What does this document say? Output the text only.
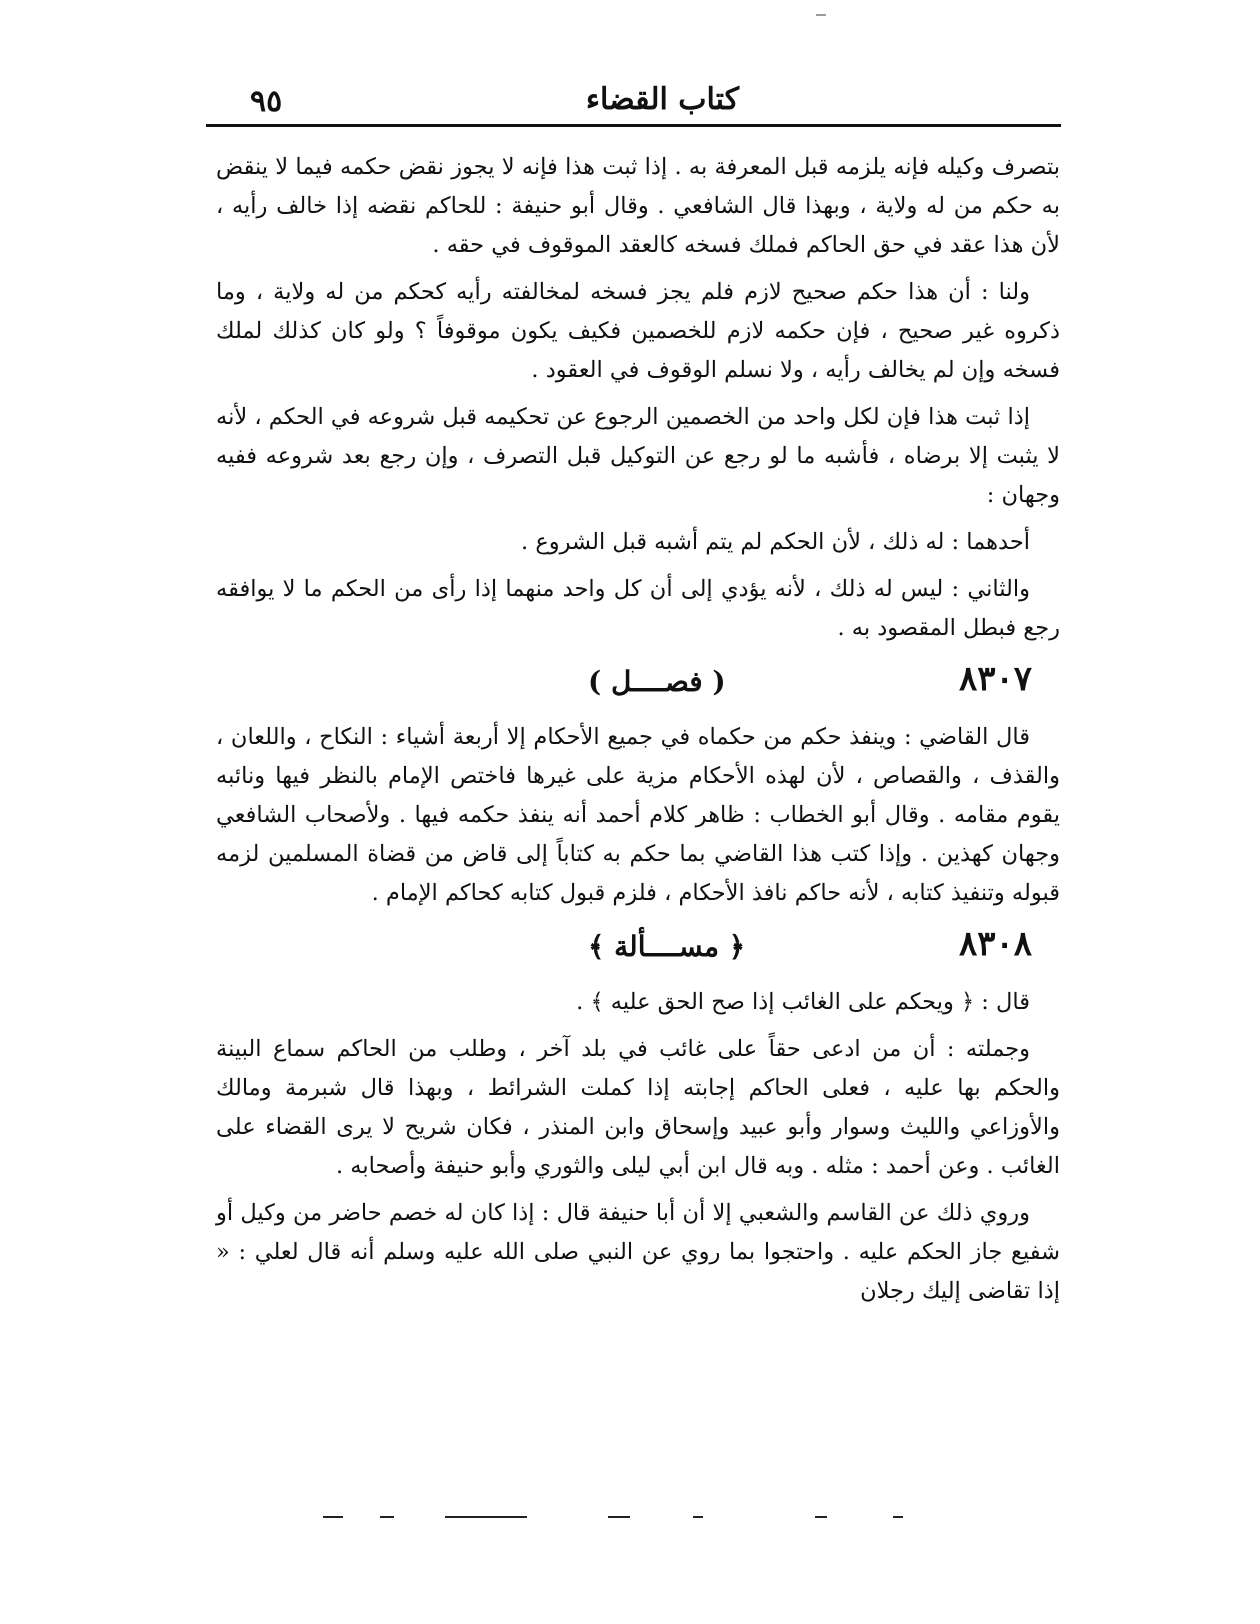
٩٥	كتاب القضاء

بتصرف وكيله فإنه يلزمه قبل المعرفة به . إذا ثبت هذا فإنه لا يجوز نقض حكمه فيما لا ينقض به حكم من له ولاية ، وبهذا قال الشافعي . وقال أبو حنيفة : للحاكم نقضه إذا خالف رأيه ، لأن هذا عقد في حق الحاكم فملك فسخه كالعقد الموقوف في حقه .

ولنا : أن هذا حكم صحيح لازم فلم يجز فسخه لمخالفته رأيه كحكم من له ولاية ، وما ذكروه غير صحيح ، فإن حكمه لازم للخصمين فكيف يكون موقوفاً ؟ ولو كان كذلك لملك فسخه وإن لم يخالف رأيه ، ولا نسلم الوقوف في العقود .

إذا ثبت هذا فإن لكل واحد من الخصمين الرجوع عن تحكيمه قبل شروعه في الحكم ، لأنه لا يثبت إلا برضاه ، فأشبه ما لو رجع عن التوكيل قبل التصرف ، وإن رجع بعد شروعه ففيه وجهان :

أحدهما : له ذلك ، لأن الحكم لم يتم أشبه قبل الشروع .

والثاني : ليس له ذلك ، لأنه يؤدي إلى أن كل واحد منهما إذا رأى من الحكم ما لا يوافقه رجع فبطل المقصود به .

٨٣٠٧
( فصــــل )

قال القاضي : وينفذ حكم من حكماه في جميع الأحكام إلا أربعة أشياء : النكاح ، واللعان ، والقذف ، والقصاص ، لأن لهذه الأحكام مزية على غيرها فاختص الإمام بالنظر فيها ونائبه يقوم مقامه . وقال أبو الخطاب : ظاهر كلام أحمد أنه ينفذ حكمه فيها . ولأصحاب الشافعي وجهان كهذين . وإذا كتب هذا القاضي بما حكم به كتاباً إلى قاض من قضاة المسلمين لزمه قبوله وتنفيذ كتابه ، لأنه حاكم نافذ الأحكام ، فلزم قبول كتابه كحاكم الإمام .

٨٣٠٨
﴿ مســــألة ﴾

قال : ﴿ ويحكم على الغائب إذا صح الحق عليه ﴾ .

وجملته : أن من ادعى حقاً على غائب في بلد آخر ، وطلب من الحاكم سماع البينة والحكم بها عليه ، فعلى الحاكم إجابته إذا كملت الشرائط ، وبهذا قال شبرمة ومالك والأوزاعي والليث وسوار وأبو عبيد وإسحاق وابن المنذر ، فكان شريح لا يرى القضاء على الغائب . وعن أحمد : مثله . وبه قال ابن أبي ليلى والثوري وأبو حنيفة وأصحابه .

وروي ذلك عن القاسم والشعبي إلا أن أبا حنيفة قال : إذا كان له خصم حاضر من وكيل أو شفيع جاز الحكم عليه . واحتجوا بما روي عن النبي صلى الله عليه وسلم أنه قال لعلي : « إذا تقاضى إليك رجلان
